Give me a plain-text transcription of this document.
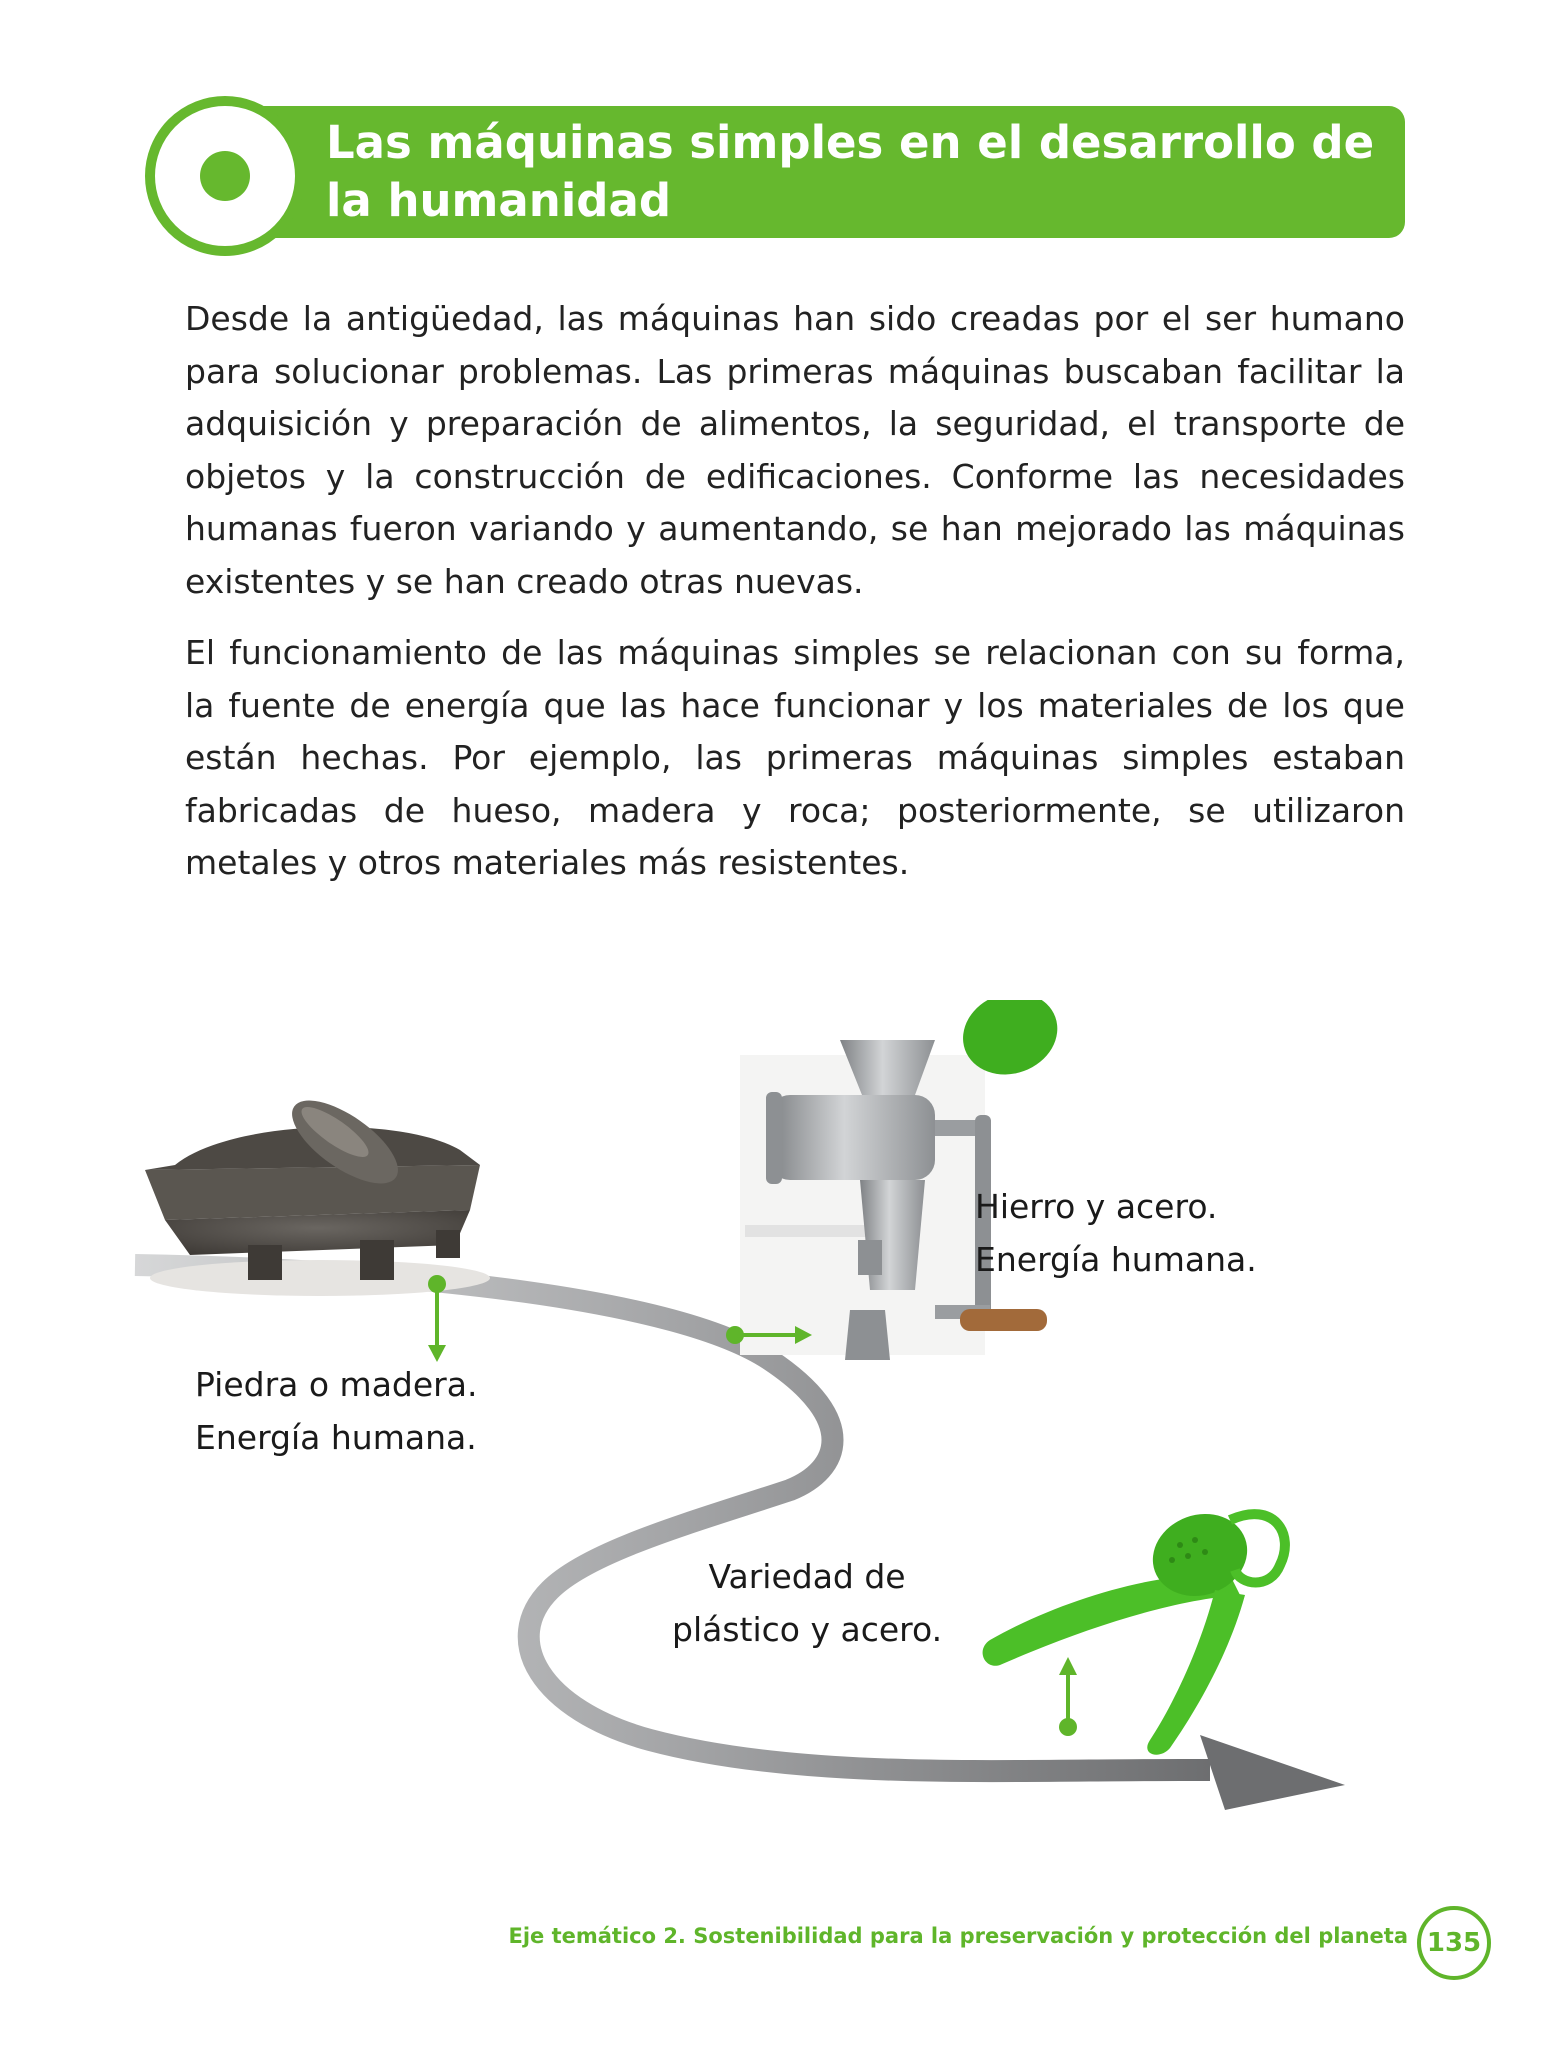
Las máquinas simples en el desarrollo de la humanidad

Desde la antigüedad, las máquinas han sido creadas por el ser humano para solucionar problemas. Las primeras máquinas buscaban facilitar la adquisición y preparación de alimentos, la seguridad, el transporte de objetos y la construcción de edificaciones. Conforme las necesidades humanas fueron variando y aumentando, se han mejorado las máquinas existentes y se han creado otras nuevas.

El funcionamiento de las máquinas simples se relacionan con su forma, la fuente de energía que las hace funcionar y los materiales de los que están hechas. Por ejemplo, las primeras máquinas simples estaban fabricadas de hueso, madera y roca; posteriormente, se utilizaron metales y otros materiales más resistentes.

Piedra o madera.
Energía humana.

Hierro y acero.
Energía humana.

Variedad de
plástico y acero.

Eje temático 2. Sostenibilidad para la preservación y protección del planeta 135
